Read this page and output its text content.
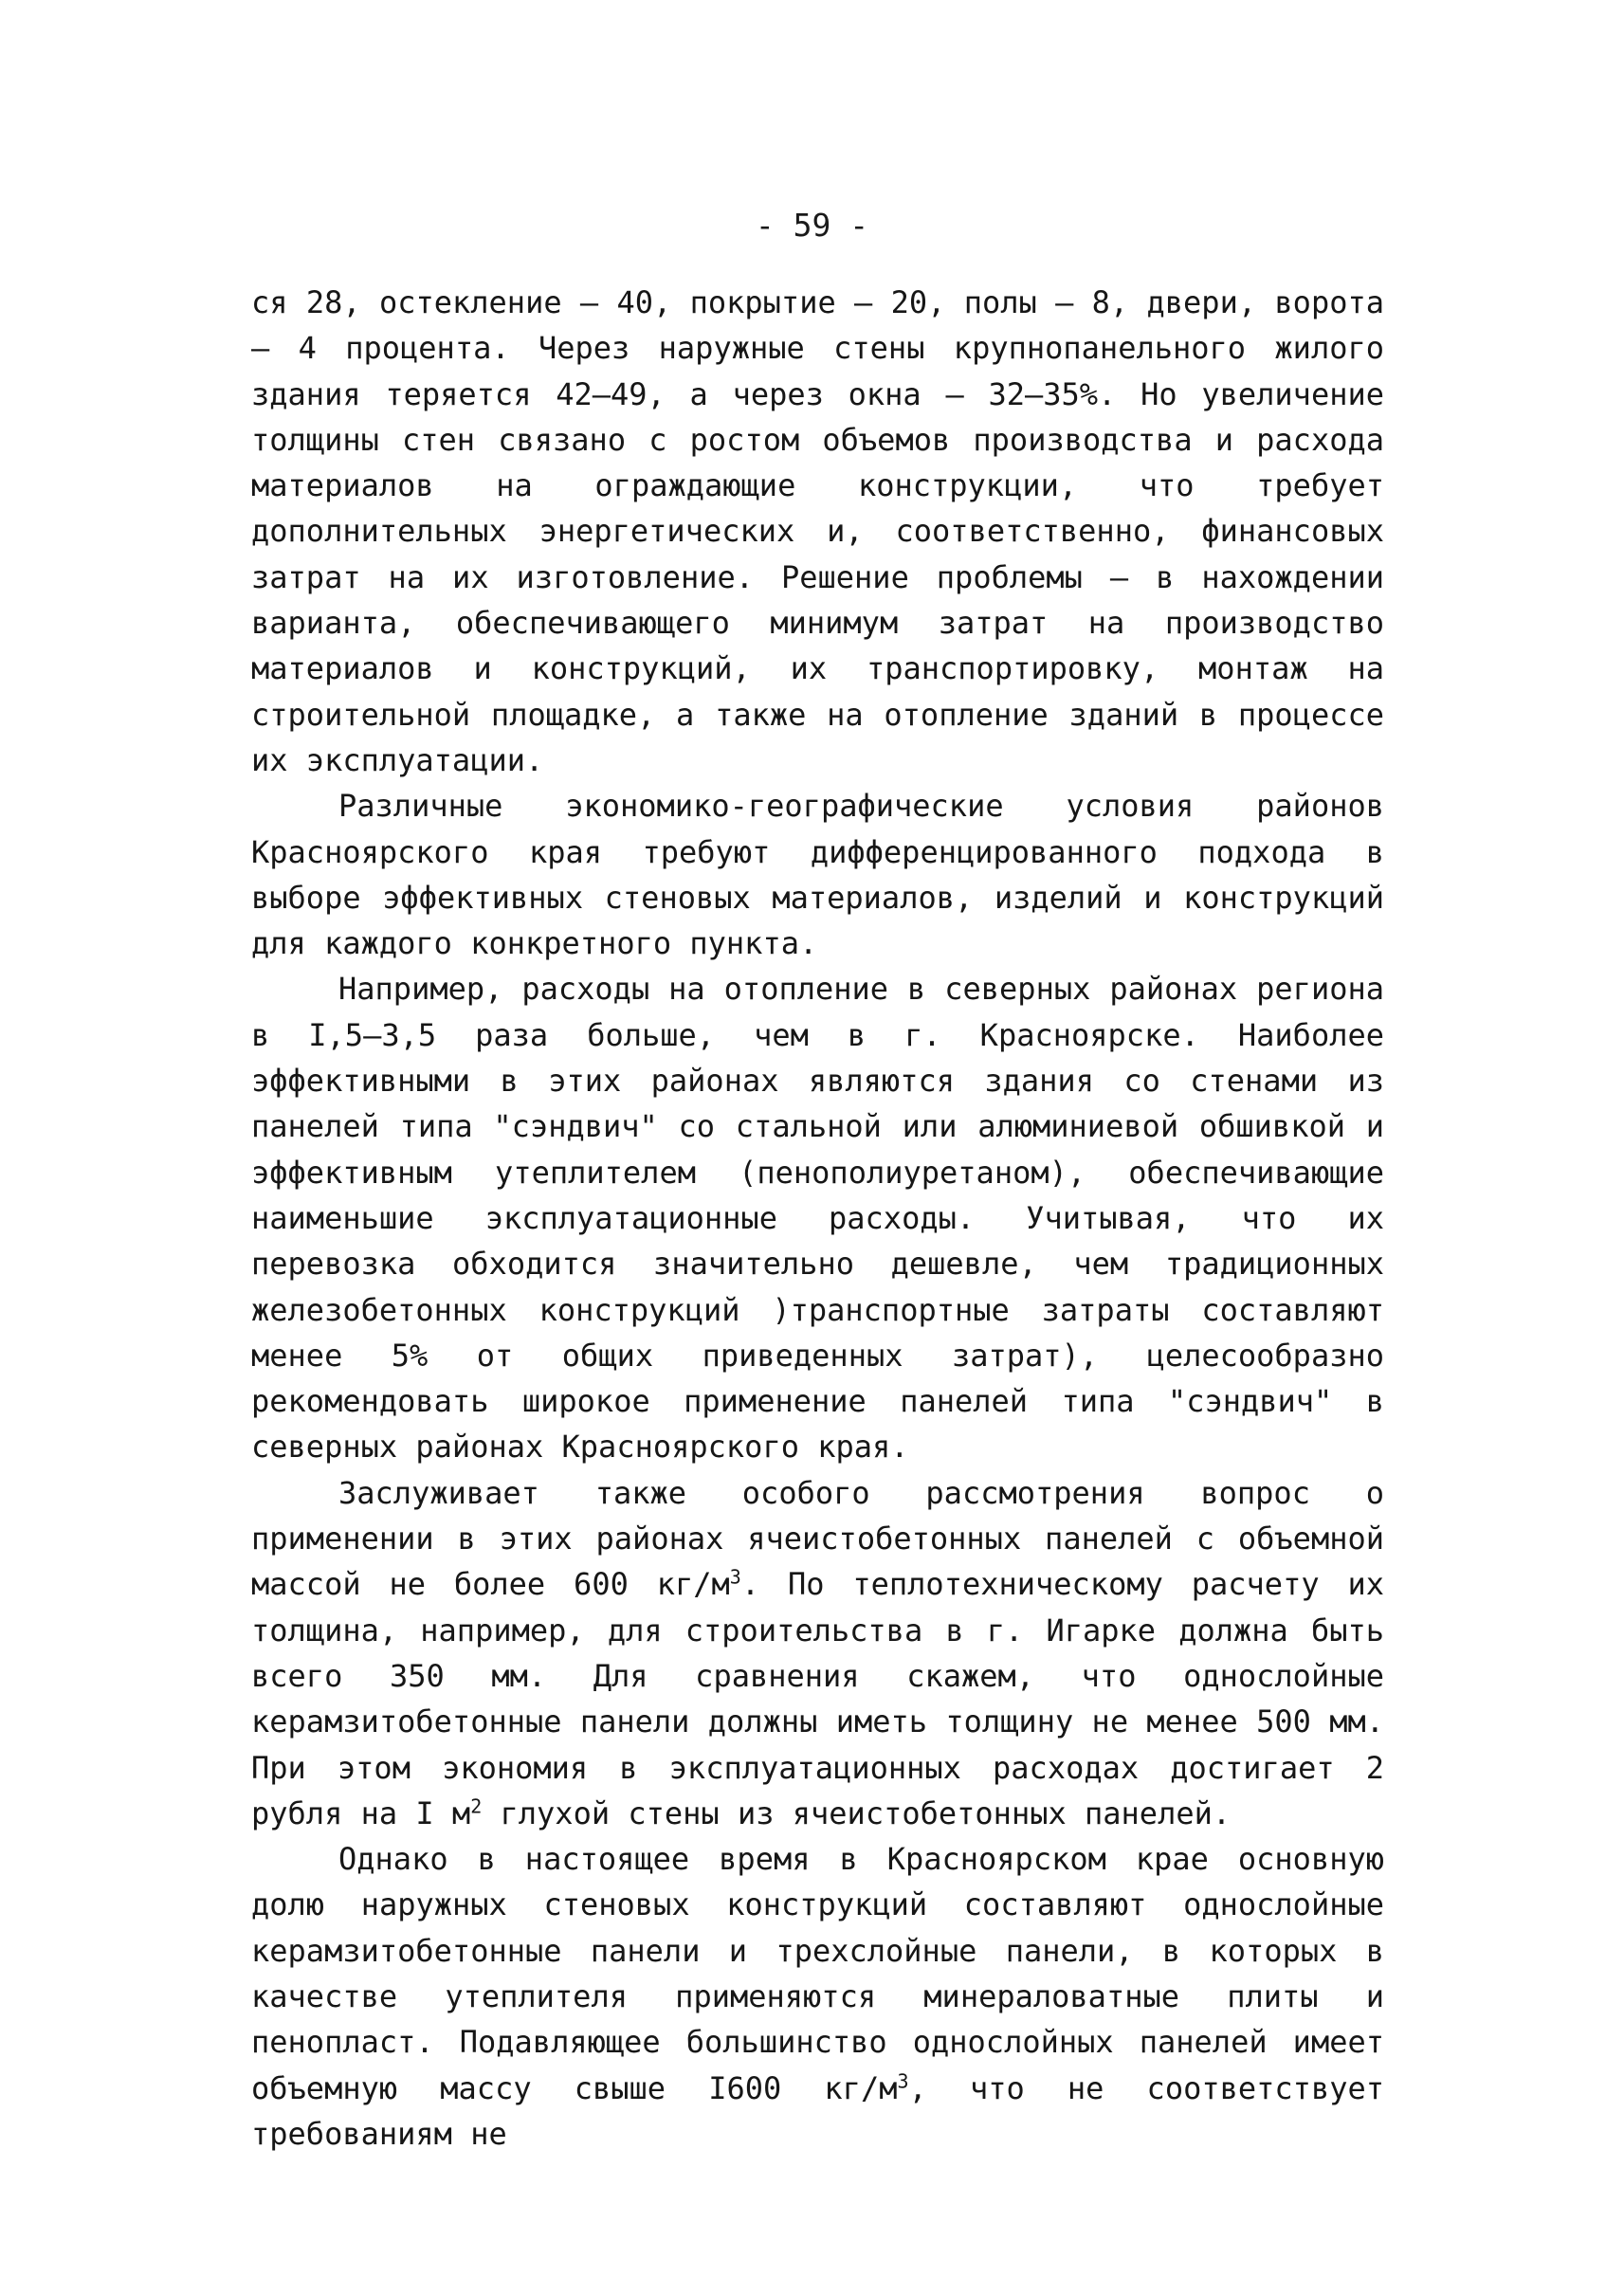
- 59 -

ся 28, остекление – 40, покрытие – 20, полы – 8, двери, ворота – 4 процента. Через наружные стены крупнопанельного жилого здания теряется 42–49, а через окна – 32–35%. Но увеличение толщины стен связано с ростом объемов производства и расхода материалов на ограждающие конструкции, что требует дополнительных энергетических и, соответственно, финансовых затрат на их изготовление. Решение проблемы – в нахождении варианта, обеспечивающего минимум затрат на производство материалов и конструкций, их транспортировку, монтаж на строительной площадке, а также на отопление зданий в процессе их эксплуатации.

Различные экономико-географические условия районов Красноярского края требуют дифференцированного подхода в выборе эффективных стеновых материалов, изделий и конструкций для каждого конкретного пункта.

Например, расходы на отопление в северных районах региона в I,5–3,5 раза больше, чем в г. Красноярске. Наиболее эффективными в этих районах являются здания со стенами из панелей типа "сэндвич" со стальной или алюминиевой обшивкой и эффективным утеплителем (пенополиуретаном), обеспечивающие наименьшие эксплуатационные расходы. Учитывая, что их перевозка обходится значительно дешевле, чем традиционных железобетонных конструкций )транспортные затраты составляют менее 5% от общих приведенных затрат), целесообразно рекомендовать широкое применение панелей типа "сэндвич" в северных районах Красноярского края.

Заслуживает также особого рассмотрения вопрос о применении в этих районах ячеистобетонных панелей с объемной массой не более 600 $кг/м^3$. По теплотехническому расчету их толщина, например, для строительства в г. Игарке должна быть всего 350 мм. Для сравнения скажем, что однослойные керамзитобетонные панели должны иметь толщину не менее 500 мм. При этом экономия в эксплуатационных расходах достигает 2 рубля на I $м^2$ глухой стены из ячеистобетонных панелей.

Однако в настоящее время в Красноярском крае основную долю наружных стеновых конструкций составляют однослойные керамзитобетонные панели и трехслойные панели, в которых в качестве утеплителя применяются минераловатные плиты и пенопласт. Подавляющее большинство однослойных панелей имеет объемную массу свыше I600 $кг/м^3$, что не соответствует требованиям не
